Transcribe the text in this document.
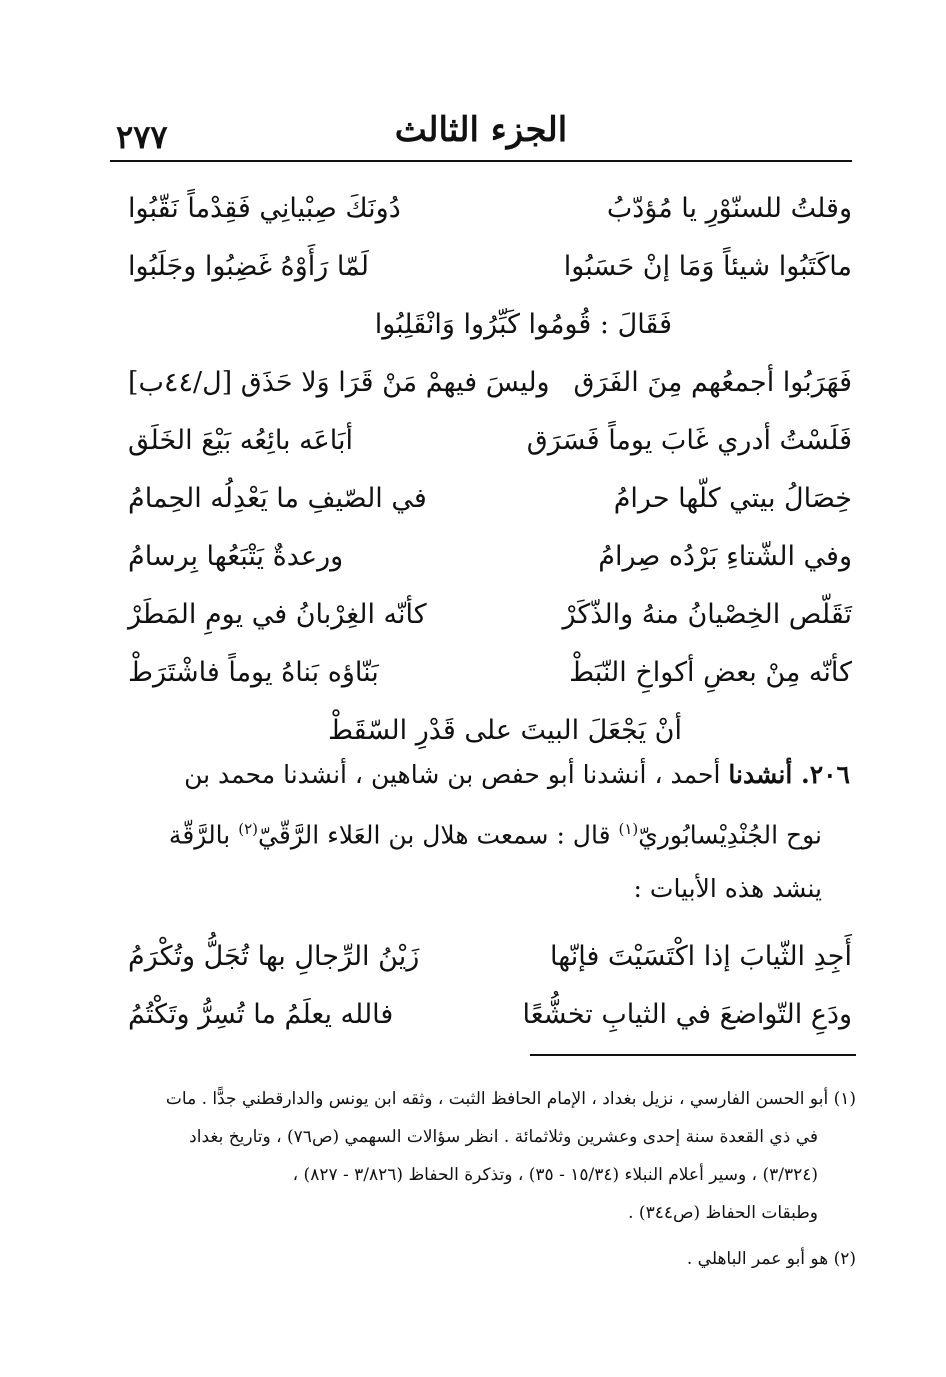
٢٧٧	الجزء الثالث
وقلتُ للسنّوْرِ يا مُؤدّبُ
دُونَكَ صِبْيانِي فَقِدْماً نَقّبُوا
ماكَتَبُوا شيئاً وَمَا إنْ حَسَبُوا
لَمّا رَأَوْهُ غَضِبُوا وجَلَبُوا
فَقَالَ : قُومُوا كَبِّرُوا وَانْقَلِبُوا
فَهَرَبُوا أجمعُهم مِنَ الفَرَق
وليسَ فيهمْ مَنْ قَرَا وَلا حَذَق [ل/٤٤ب]
فَلَسْتُ أدري غَابَ يوماً فَسَرَق
أبَاعَه بائِعُه بَيْعَ الخَلَق
خِصَالُ بيتي كلّها حرامُ
في الصّيفِ ما يَعْدِلُه الحِمامُ
وفي الشّتاءِ بَرْدُه صِرامُ
ورعدةٌ يَتْبَعُها بِرسامُ
تَقَلّص الخِصْيانُ منهُ والذّكَرْ
كأنّه الغِرْبانُ في يومِ المَطَرْ
كأنّه مِنْ بعضِ أكواخِ النّبَطْ
بَنّاؤه بَناهُ يوماً فاشْتَرَطْ
أنْ يَجْعَلَ البيتَ على قَدْرِ السّقَطْ
٢٠٦. أنشدنا أحمد ، أنشدنا أبو حفص بن شاهين ، أنشدنا محمد بن
نوح الجُنْدِيْسابُوريّ$^{(١)}$ قال : سمعت هلال بن العَلاء الرَّقّيّ$^{(٢)}$ بالرَّقّة
ينشد هذه الأبيات :
أَجِدِ الثّيابَ إذا اكْتَسَيْتَ فإنّها
زَيْنُ الرِّجالِ بها تُجَلُّ وتُكْرَمُ
ودَعِ التّواضعَ في الثيابِ تخشُّعًا
فالله يعلَمُ ما تُسِرُّ وتَكْتُمُ
(١) أبو الحسن الفارسي ، نزيل بغداد ، الإمام الحافظ الثبت ، وثقه ابن يونس والدارقطني جدًّا . مات
في ذي القعدة سنة إحدى وعشرين وثلاثمائة . انظر سؤالات السهمي (ص٧٦) ، وتاريخ بغداد
(٣/٣٢٤) ، وسير أعلام النبلاء (١٥/٣٤ - ٣٥) ، وتذكرة الحفاظ (٣/٨٢٦ - ٨٢٧) ،
وطبقات الحفاظ (ص٣٤٤) .
(٢) هو أبو عمر الباهلي .
